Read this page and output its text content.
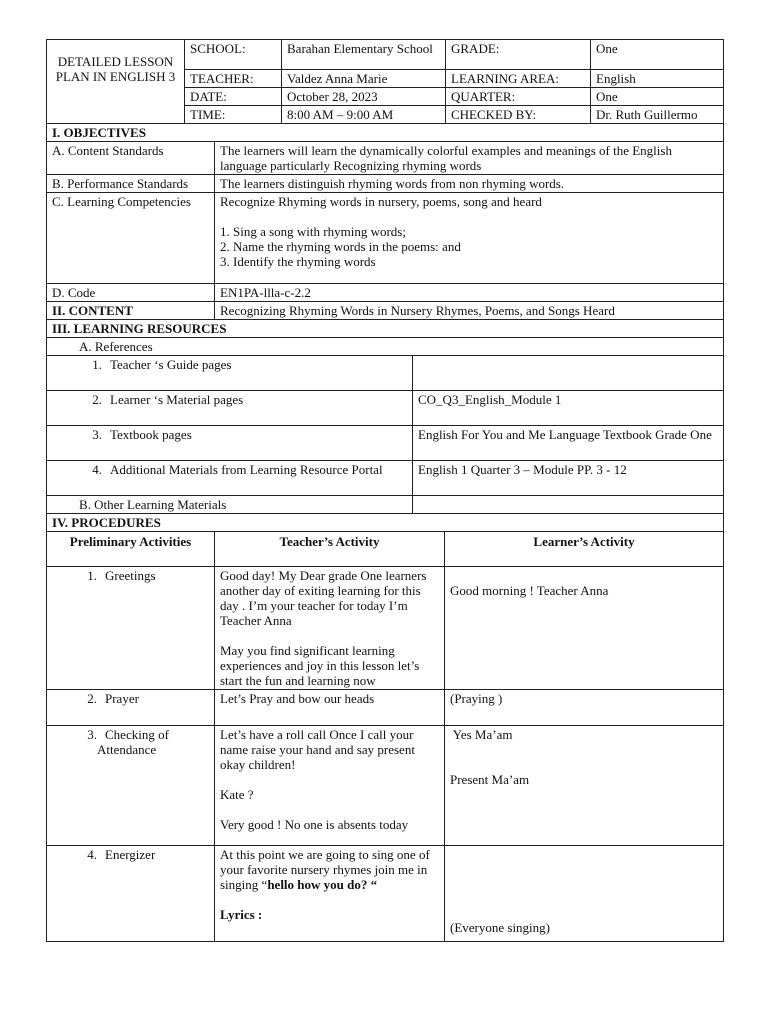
DETAILED LESSON PLAN IN ENGLISH 3	SCHOOL:	Barahan Elementary School	GRADE:	One
	TEACHER:	Valdez Anna Marie	LEARNING AREA:	English
	DATE:	October 28, 2023	QUARTER:	One
	TIME:	8:00 AM – 9:00 AM	CHECKED BY:	Dr. Ruth Guillermo
I. OBJECTIVES	
A. Content Standards	The learners will learn the dynamically colorful examples and meanings of the English language particularly Recognizing rhyming words
B. Performance Standards	The learners distinguish rhyming words from non rhyming words.
C. Learning Competencies	Recognize Rhyming words in nursery, poems, song and heard
1. Sing a song with rhyming words;
2. Name the rhyming words in the poems: and
3. Identify the rhyming words

D. Code	EN1PA-llla-c-2.2
II. CONTENT	Recognizing Rhyming Words in Nursery Rhymes, Poems, and Songs Heard
III. LEARNING RESOURCES	
A. References	

1. Teacher ‘s Guide pages	

2. Learner ‘s Material pages	CO_Q3_English_Module 1

3. Textbook pages	English For You and Me Language Textbook Grade One

4. Additional Materials from Learning Resource Portal	English 1 Quarter 3 – Module PP. 3 - 12
B. Other Learning Materials	
IV. PROCEDURES		
Preliminary Activities	Teacher’s Activity	Learner’s Activity

1. Greetings	Good day! My Dear grade One learners another day of exiting learning for this day . I’m your teacher for today I’m Teacher Anna
May you find significant learning experiences and joy in this lesson let’s start the fun and learning now	Good morning ! Teacher Anna

2. Prayer	Let’s Pray and bow our heads	(Praying )

3. Checking of Attendance	Let’s have a roll call Once I call your name raise your hand and say present okay children!
Kate ?
Very good ! No one is absents today	Yes Ma’am
Present Ma’am

4. Energizer	At this point we are going to sing one of your favorite nursery rhymes join me in singing “hello how you do? “
Lyrics :	(Everyone singing)
